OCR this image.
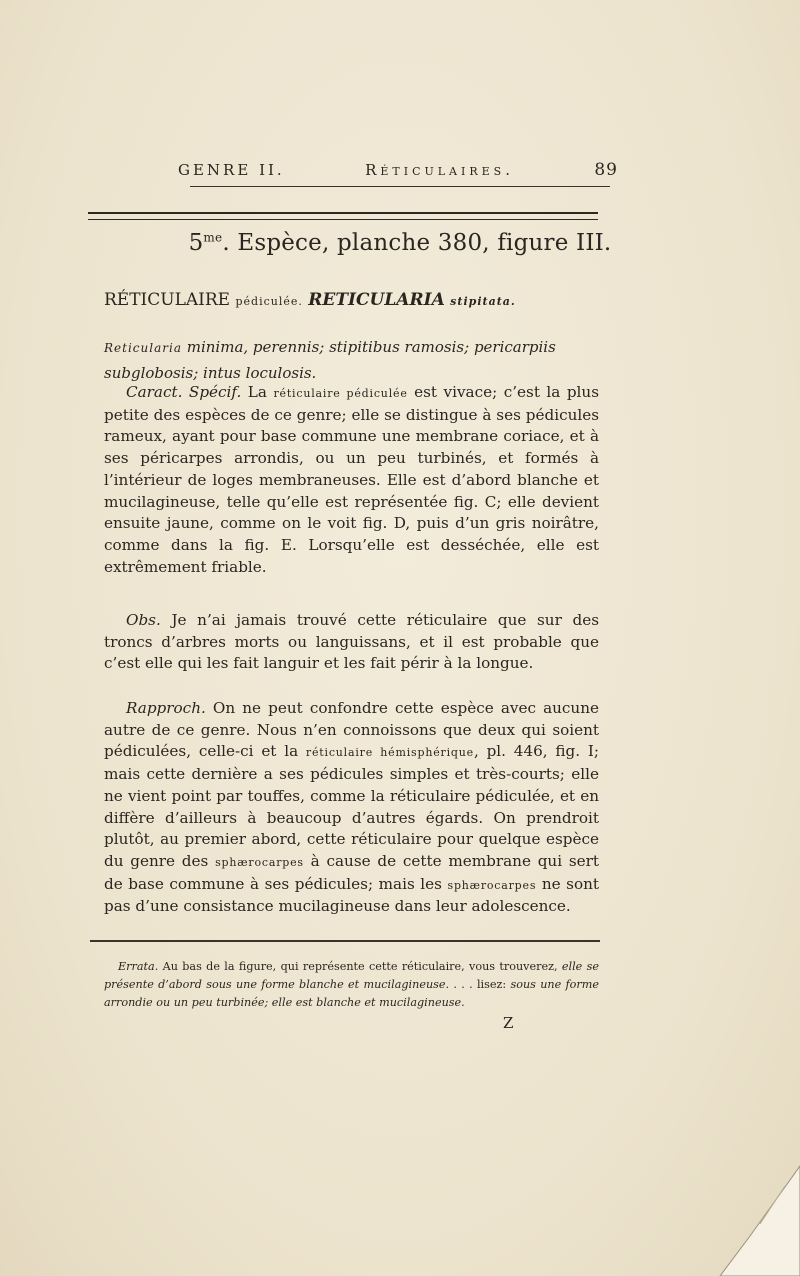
GENRE II.	Réticulaires.	89
$5^{me}$. Espèce, planche 380, figure III.
RÉTICULAIRE pédiculée. RETICULARIA stipitata.
Reticularia minima, perennis; stipitibus ramosis; pericarpiis subglobosis; intus loculosis.

Caract. Spécif. La réticulaire pédiculée est vivace; c’est la plus petite des espèces de ce genre; elle se distingue à ses pédicules rameux, ayant pour base commune une membrane coriace, et à ses péricarpes arrondis, ou un peu turbinés, et formés à l’intérieur de loges membraneuses. Elle est d’abord blanche et mucilagineuse, telle qu’elle est représentée fig. C; elle devient ensuite jaune, comme on le voit fig. D, puis d’un gris noirâtre, comme dans la fig. E. Lorsqu’elle est desséchée, elle est extrêmement friable.

Obs. Je n’ai jamais trouvé cette réticulaire que sur des troncs d’arbres morts ou languissans, et il est probable que c’est elle qui les fait languir et les fait périr à la longue.

Rapproch. On ne peut confondre cette espèce avec aucune autre de ce genre. Nous n’en connoissons que deux qui soient pédiculées, celle-ci et la réticulaire hémisphérique, pl. 446, fig. I; mais cette dernière a ses pédicules simples et très-courts; elle ne vient point par touffes, comme la réticulaire pédiculée, et en diffère d’ailleurs à beaucoup d’autres égards. On prendroit plutôt, au premier abord, cette réticulaire pour quelque espèce du genre des sphærocarpes à cause de cette membrane qui sert de base commune à ses pédicules; mais les sphærocarpes ne sont pas d’une consistance mucilagineuse dans leur adolescence.

Errata. Au bas de la figure, qui représente cette réticulaire, vous trouverez, elle se présente d’abord sous une forme blanche et mucilagineuse. . . . lisez: sous une forme arrondie ou un peu turbinée; elle est blanche et mucilagineuse.

Z
